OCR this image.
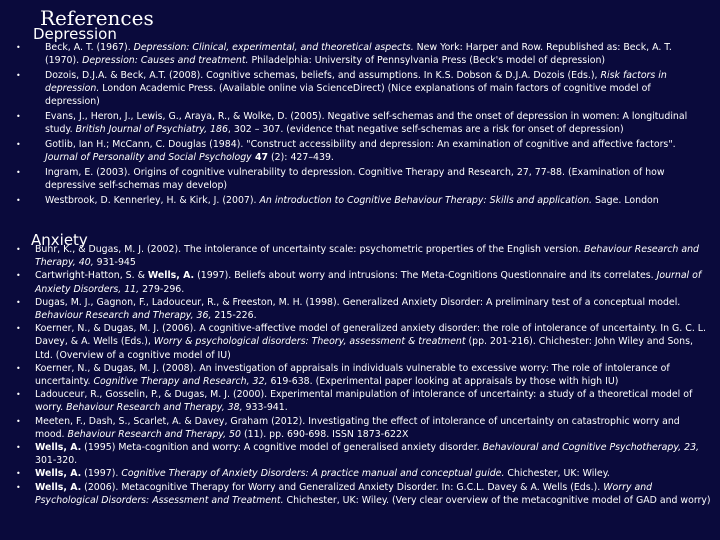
References
Depression
•	Beck, A. T. (1967). Depression: Clinical, experimental, and theoretical aspects. New York: Harper and Row. Republished as: Beck, A. T. (1970). Depression: Causes and treatment. Philadelphia: University of Pennsylvania Press (Beck's model of depression)
•	Dozois, D.J.A. & Beck, A.T. (2008). Cognitive schemas, beliefs, and assumptions. In K.S. Dobson & D.J.A. Dozois (Eds.), Risk factors in depression. London Academic Press. (Available online via ScienceDirect) (Nice explanations of main factors of cognitive model of depression)
•	Evans, J., Heron, J., Lewis, G., Araya, R., & Wolke, D. (2005). Negative self-schemas and the onset of depression in women: A longitudinal study. British Journal of Psychiatry, 186, 302 – 307. (evidence that negative self-schemas are a risk for onset of depression)
•	Gotlib, Ian H.; McCann, C. Douglas (1984). "Construct accessibility and depression: An examination of cognitive and affective factors". Journal of Personality and Social Psychology 47 (2): 427–439.
•	Ingram, E. (2003). Origins of cognitive vulnerability to depression. Cognitive Therapy and Research, 27, 77-88. (Examination of how depressive self-schemas may develop)
•	Westbrook, D. Kennerley, H. & Kirk, J. (2007). An introduction to Cognitive Behaviour Therapy: Skills and application. Sage. London
Anxiety
• Buhr, K., & Dugas, M. J. (2002). The intolerance of uncertainty scale: psychometric properties of the English version. Behaviour Research and Therapy, 40, 931-945
• Cartwright-Hatton, S. & Wells, A. (1997). Beliefs about worry and intrusions: The Meta-Cognitions Questionnaire and its correlates. Journal of Anxiety Disorders, 11, 279-296.
• Dugas, M. J., Gagnon, F., Ladouceur, R., & Freeston, M. H. (1998). Generalized Anxiety Disorder: A preliminary test of a conceptual model. Behaviour Research and Therapy, 36, 215-226.
• Koerner, N., & Dugas, M. J. (2006). A cognitive-affective model of generalized anxiety disorder: the role of intolerance of uncertainty. In G. C. L. Davey, & A. Wells (Eds.), Worry & psychological disorders: Theory, assessment & treatment (pp. 201-216). Chichester: John Wiley and Sons, Ltd. (Overview of a cognitive model of IU)
• Koerner, N., & Dugas, M. J. (2008). An investigation of appraisals in individuals vulnerable to excessive worry: The role of intolerance of uncertainty. Cognitive Therapy and Research, 32, 619-638. (Experimental paper looking at appraisals by those with high IU)
• Ladouceur, R., Gosselin, P., & Dugas, M. J. (2000). Experimental manipulation of intolerance of uncertainty: a study of a theoretical model of worry. Behaviour Research and Therapy, 38, 933-941.
• Meeten, F., Dash, S., Scarlet, A. & Davey, Graham (2012). Investigating the effect of intolerance of uncertainty on catastrophic worry and mood. Behaviour Research and Therapy, 50 (11). pp. 690-698. ISSN 1873-622X
• Wells, A. (1995) Meta-cognition and worry: A cognitive model of generalised anxiety disorder. Behavioural and Cognitive Psychotherapy, 23, 301-320.
• Wells, A. (1997). Cognitive Therapy of Anxiety Disorders: A practice manual and conceptual guide. Chichester, UK: Wiley.
• Wells, A. (2006). Metacognitive Therapy for Worry and Generalized Anxiety Disorder. In: G.C.L. Davey & A. Wells (Eds.). Worry and Psychological Disorders: Assessment and Treatment. Chichester, UK: Wiley. (Very clear overview of the metacognitive model of GAD and worry)
